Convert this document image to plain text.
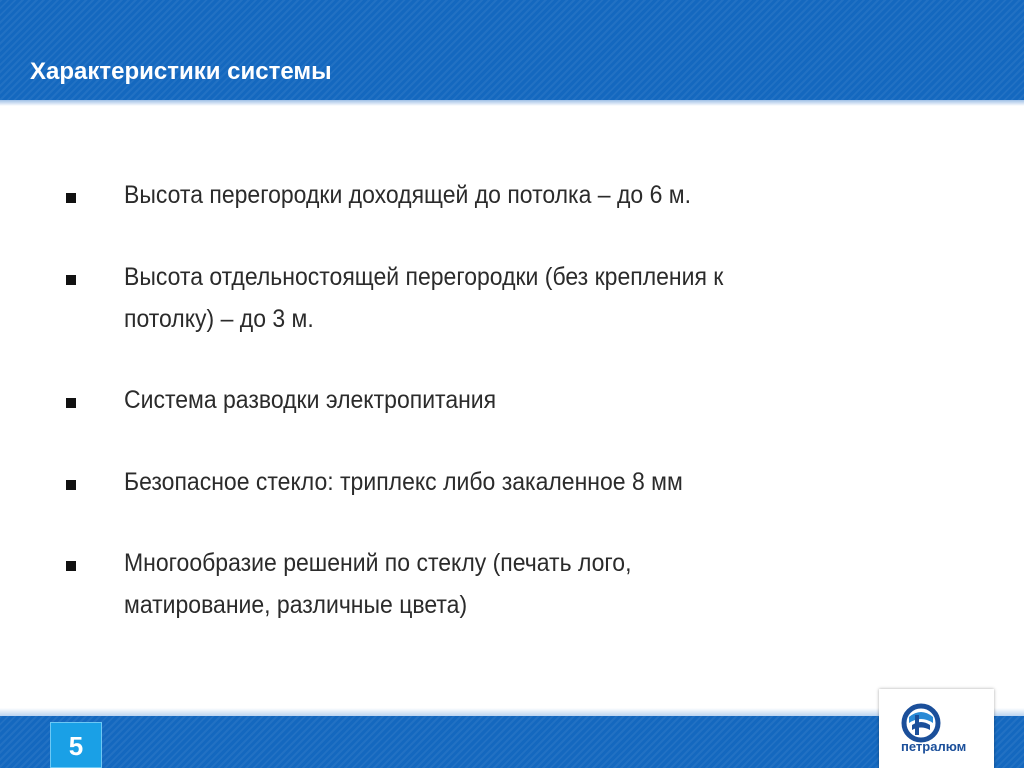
Характеристики системы
Высота перегородки доходящей до потолка – до 6 м.
Высота отдельностоящей перегородки (без крепления к
потолку) – до 3 м.
Система разводки электропитания
Безопасное стекло: триплекс либо закаленное 8 мм
Многообразие решений по стеклу (печать лого,
матирование, различные цвета)
5	петралюм
